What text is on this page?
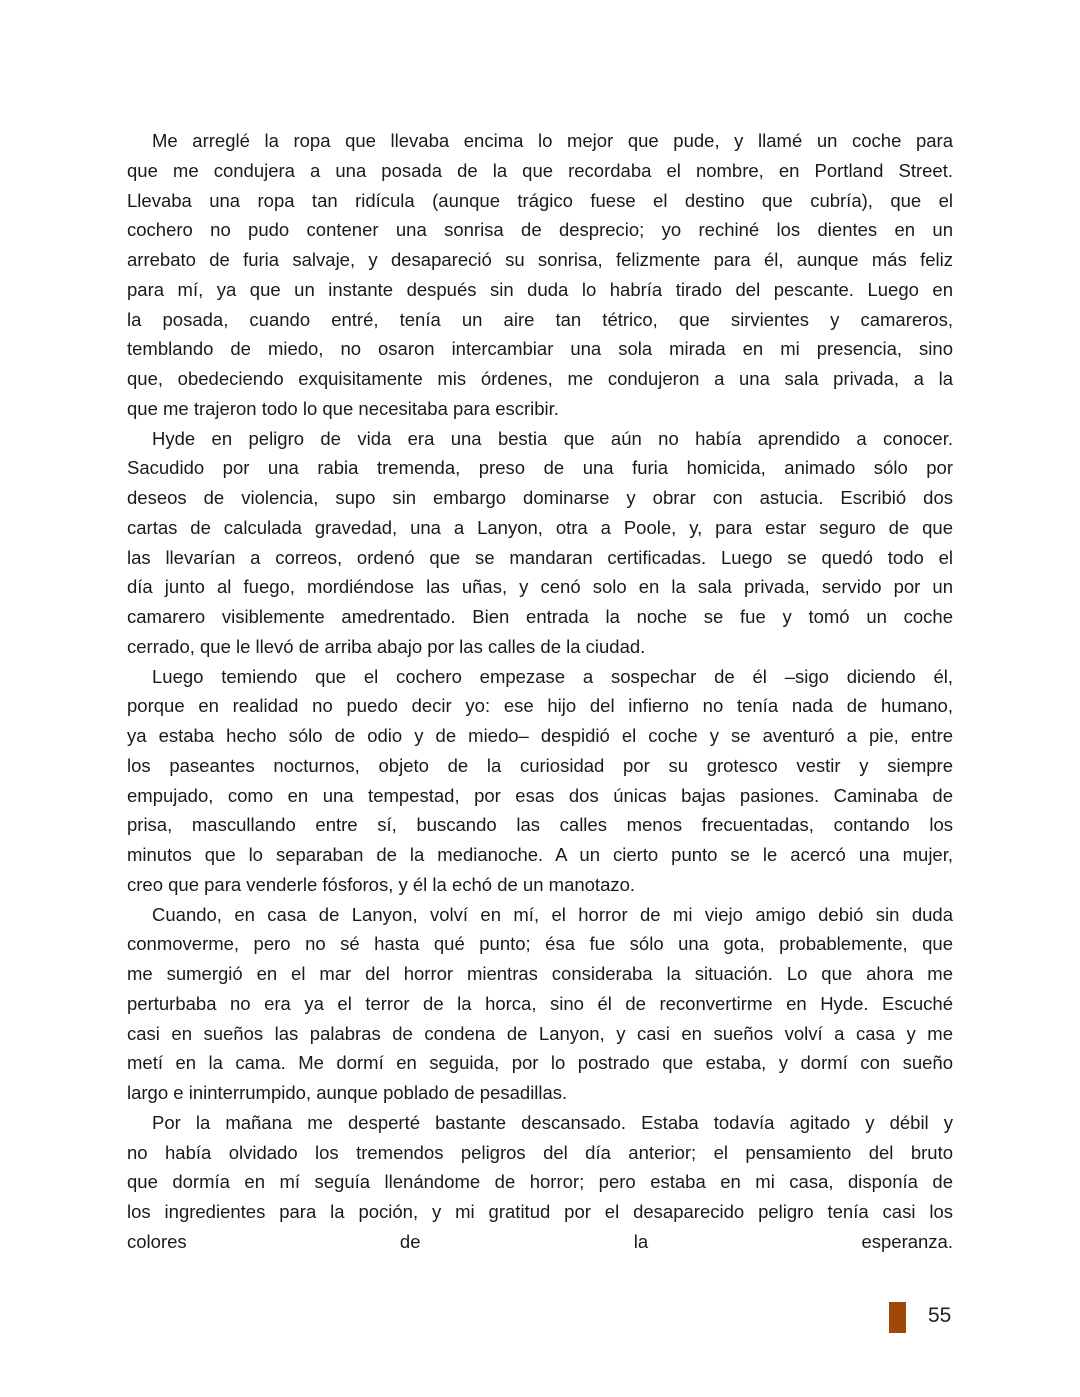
Me arreglé la ropa que llevaba encima lo mejor que pude, y llamé un coche para
que me condujera a una posada de la que recordaba el nombre, en Portland Street.
Llevaba una ropa tan ridícula (aunque trágico fuese el destino que cubría), que el
cochero no pudo contener una sonrisa de desprecio; yo rechiné los dientes en un
arrebato de furia salvaje, y desapareció su sonrisa, felizmente para él, aunque más feliz
para mí, ya que un instante después sin duda lo habría tirado del pescante. Luego en
la posada, cuando entré, tenía un aire tan tétrico, que sirvientes y camareros,
temblando de miedo, no osaron intercambiar una sola mirada en mi presencia, sino
que, obedeciendo exquisitamente mis órdenes, me condujeron a una sala privada, a la
que me trajeron todo lo que necesitaba para escribir.
Hyde en peligro de vida era una bestia que aún no había aprendido a conocer.
Sacudido por una rabia tremenda, preso de una furia homicida, animado sólo por
deseos de violencia, supo sin embargo dominarse y obrar con astucia. Escribió dos
cartas de calculada gravedad, una a Lanyon, otra a Poole, y, para estar seguro de que
las llevarían a correos, ordenó que se mandaran certificadas. Luego se quedó todo el
día junto al fuego, mordiéndose las uñas, y cenó solo en la sala privada, servido por un
camarero visiblemente amedrentado. Bien entrada la noche se fue y tomó un coche
cerrado, que le llevó de arriba abajo por las calles de la ciudad.
Luego temiendo que el cochero empezase a sospechar de él –sigo diciendo él,
porque en realidad no puedo decir yo: ese hijo del infierno no tenía nada de humano,
ya estaba hecho sólo de odio y de miedo– despidió el coche y se aventuró a pie, entre
los paseantes nocturnos, objeto de la curiosidad por su grotesco vestir y siempre
empujado, como en una tempestad, por esas dos únicas bajas pasiones. Caminaba de
prisa, mascullando entre sí, buscando las calles menos frecuentadas, contando los
minutos que lo separaban de la medianoche. A un cierto punto se le acercó una mujer,
creo que para venderle fósforos, y él la echó de un manotazo.
Cuando, en casa de Lanyon, volví en mí, el horror de mi viejo amigo debió sin duda
conmoverme, pero no sé hasta qué punto; ésa fue sólo una gota, probablemente, que
me sumergió en el mar del horror mientras consideraba la situación. Lo que ahora me
perturbaba no era ya el terror de la horca, sino él de reconvertirme en Hyde. Escuché
casi en sueños las palabras de condena de Lanyon, y casi en sueños volví a casa y me
metí en la cama. Me dormí en seguida, por lo postrado que estaba, y dormí con sueño
largo e ininterrumpido, aunque poblado de pesadillas.
Por la mañana me desperté bastante descansado. Estaba todavía agitado y débil y
no había olvidado los tremendos peligros del día anterior; el pensamiento del bruto
que dormía en mí seguía llenándome de horror; pero estaba en mi casa, disponía de
los ingredientes para la poción, y mi gratitud por el desaparecido peligro tenía casi los
colores de la esperanza.
55
